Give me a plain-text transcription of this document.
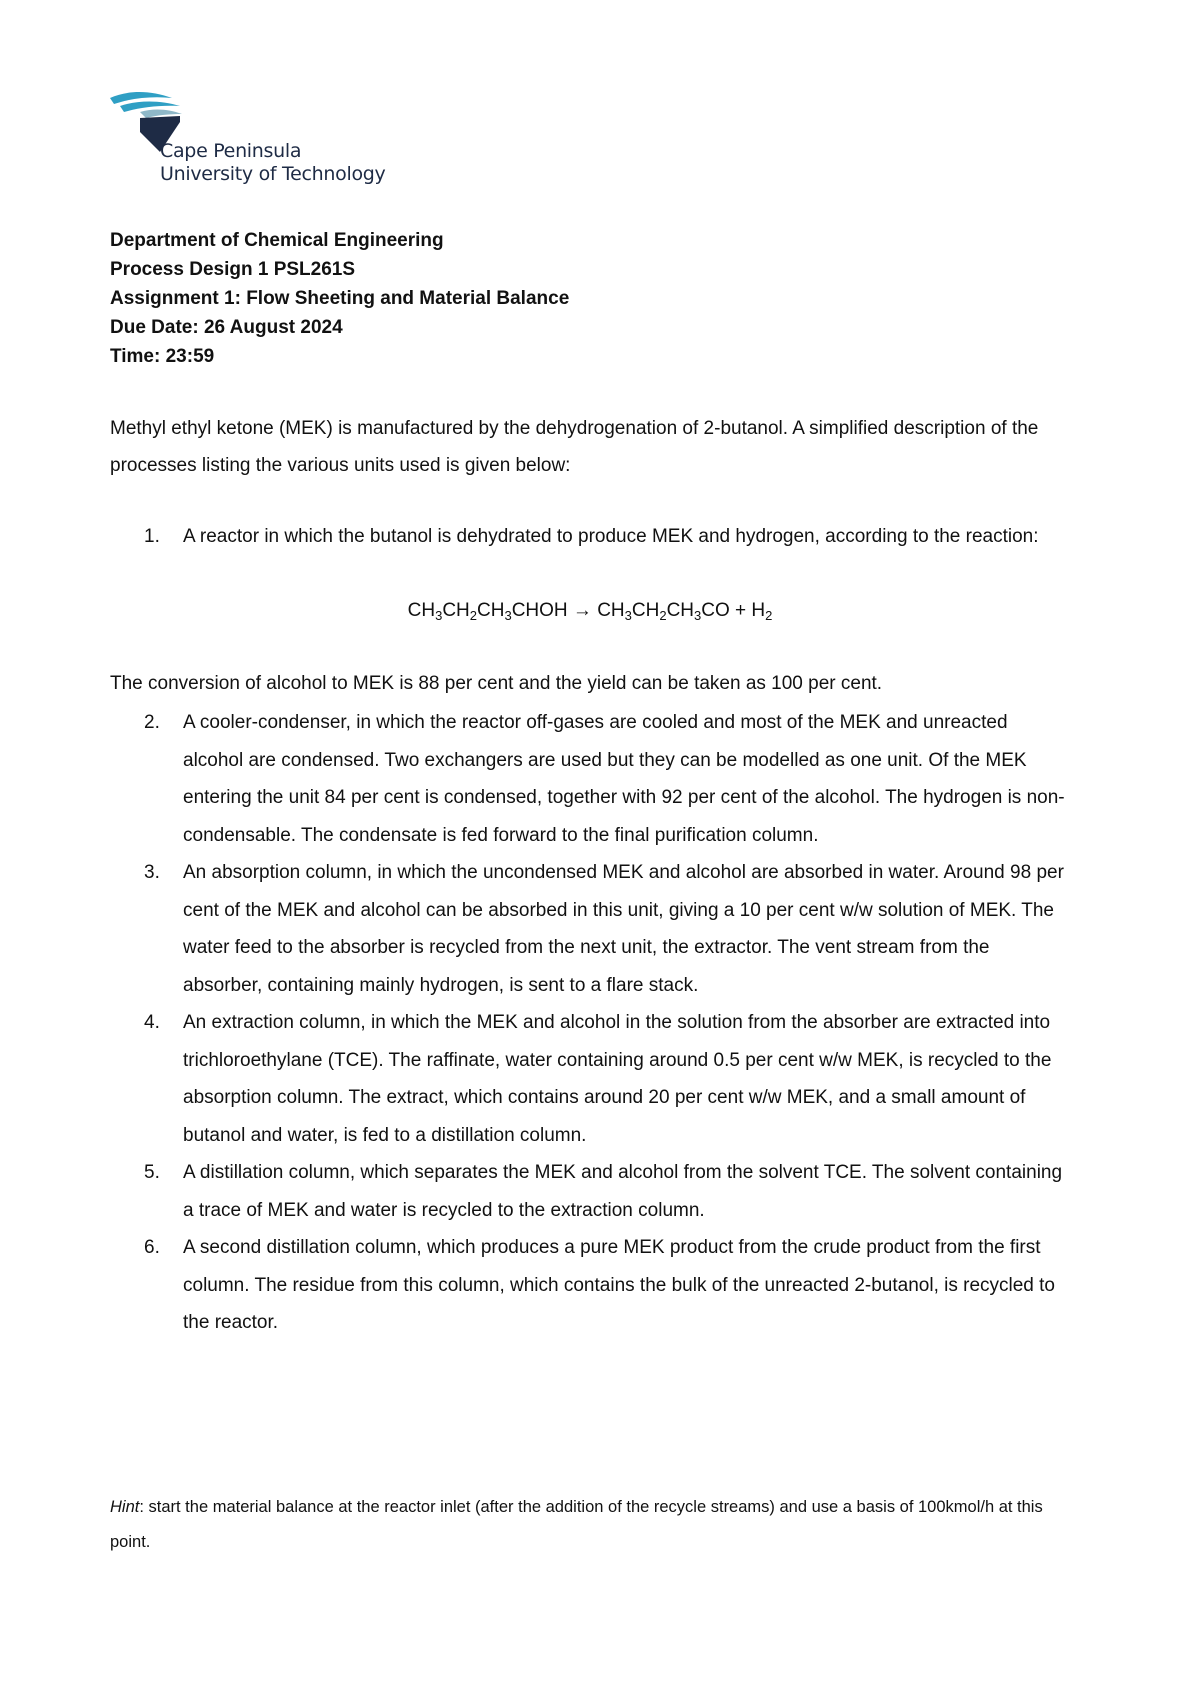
Cape Peninsula
University of Technology
Department of Chemical Engineering
Process Design 1 PSL261S
Assignment 1: Flow Sheeting and Material Balance
Due Date: 26 August 2024
Time: 23:59
Methyl ethyl ketone (MEK) is manufactured by the dehydrogenation of 2-butanol. A simplified description of the processes listing the various units used is given below:
1. A reactor in which the butanol is dehydrated to produce MEK and hydrogen, according to the reaction:
$CH_3CH_2CH_3CHOH \to CH_3CH_2CH_3CO + H_2$
The conversion of alcohol to MEK is 88 per cent and the yield can be taken as 100 per cent.
2. A cooler-condenser, in which the reactor off-gases are cooled and most of the MEK and unreacted alcohol are condensed. Two exchangers are used but they can be modelled as one unit. Of the MEK entering the unit 84 per cent is condensed, together with 92 per cent of the alcohol. The hydrogen is non-condensable. The condensate is fed forward to the final purification column.
3. An absorption column, in which the uncondensed MEK and alcohol are absorbed in water. Around 98 per cent of the MEK and alcohol can be absorbed in this unit, giving a 10 per cent w/w solution of MEK. The water feed to the absorber is recycled from the next unit, the extractor. The vent stream from the absorber, containing mainly hydrogen, is sent to a flare stack.
4. An extraction column, in which the MEK and alcohol in the solution from the absorber are extracted into trichloroethylane (TCE). The raffinate, water containing around 0.5 per cent w/w MEK, is recycled to the absorption column. The extract, which contains around 20 per cent w/w MEK, and a small amount of butanol and water, is fed to a distillation column.
5. A distillation column, which separates the MEK and alcohol from the solvent TCE. The solvent containing a trace of MEK and water is recycled to the extraction column.
6. A second distillation column, which produces a pure MEK product from the crude product from the first column. The residue from this column, which contains the bulk of the unreacted 2-butanol, is recycled to the reactor.
Hint: start the material balance at the reactor inlet (after the addition of the recycle streams) and use a basis of 100kmol/h at this point.
